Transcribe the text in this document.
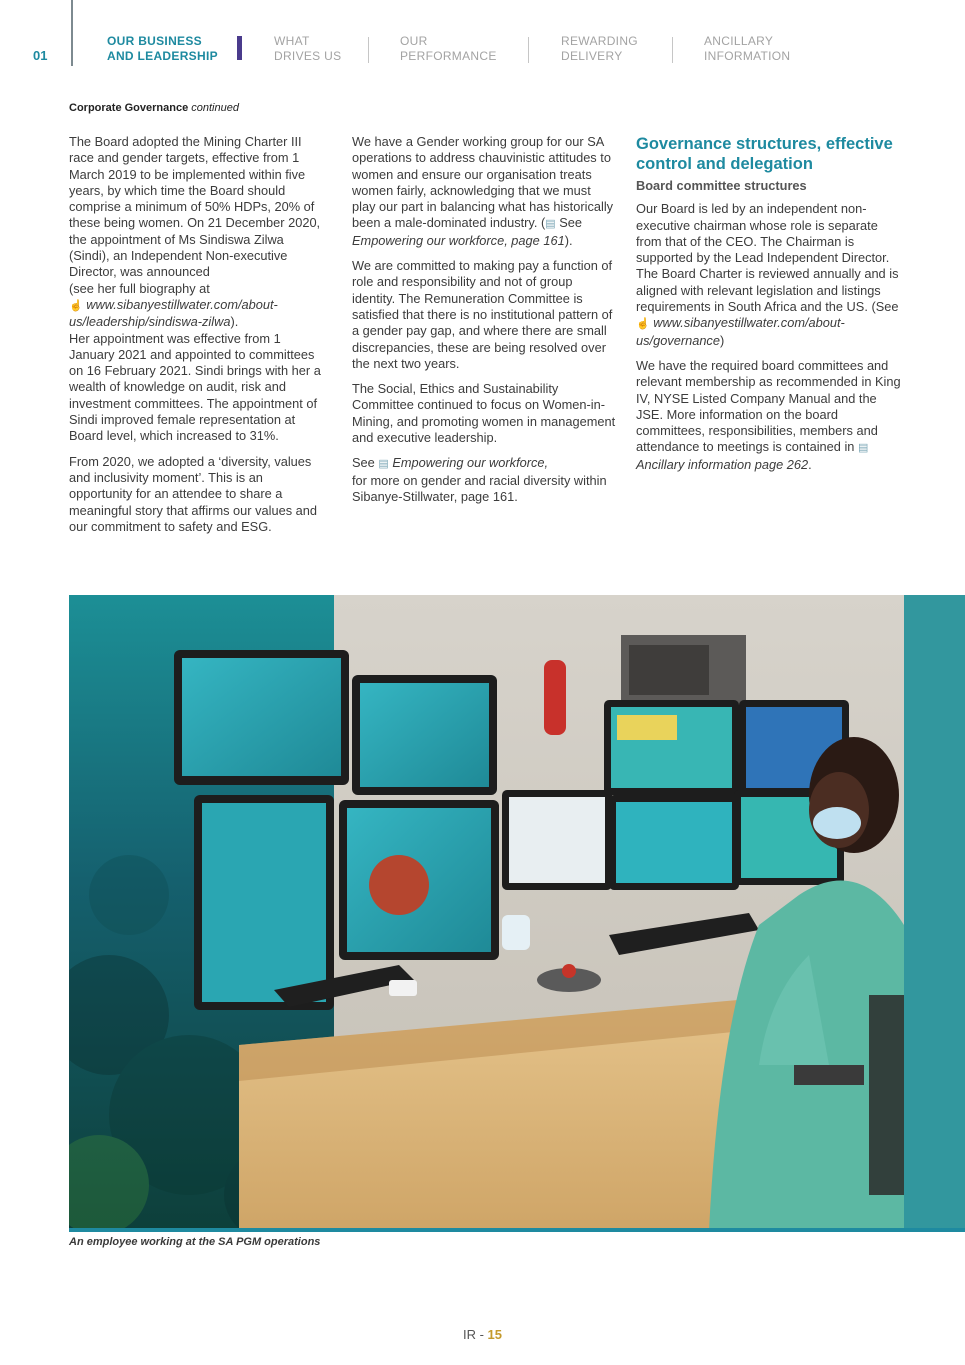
01
OUR BUSINESS
AND LEADERSHIP
WHAT
DRIVES US
OUR
PERFORMANCE
REWARDING
DELIVERY
ANCILLARY
INFORMATION
Corporate Governance continued

The Board adopted the Mining Charter III race and gender targets, effective from 1 March 2019 to be implemented within five years, by which time the Board should comprise a minimum of 50% HDPs, 20% of these being women. On 21 December 2020, the appointment of Ms Sindiswa Zilwa (Sindi), an Independent Non-executive Director, was announced
(see her full biography at
☝ www.sibanyestillwater.com/about-us/leadership/sindiswa-zilwa).
Her appointment was effective from 1 January 2021 and appointed to committees on 16 February 2021. Sindi brings with her a wealth of knowledge on audit, risk and investment committees. The appointment of Sindi improved female representation at Board level, which increased to 31%.

From 2020, we adopted a ‘diversity, values and inclusivity moment’. This is an opportunity for an attendee to share a meaningful story that affirms our values and our commitment to safety and ESG.

We have a Gender working group for our SA operations to address chauvinistic attitudes to women and ensure our organisation treats women fairly, acknowledging that we must play our part in balancing what has historically been a male-dominated industry. (▤ See Empowering our workforce, page 161).

We are committed to making pay a function of role and responsibility and not of group identity. The Remuneration Committee is satisfied that there is no institutional pattern of a gender pay gap, and where there are small discrepancies, these are being resolved over the next two years.

The Social, Ethics and Sustainability Committee continued to focus on Women-in-Mining, and promoting women in management and executive leadership.

See ▤ Empowering our workforce,
for more on gender and racial diversity within Sibanye-Stillwater, page 161.

Governance structures, effective control and delegation
Board committee structures

Our Board is led by an independent non-executive chairman whose role is separate from that of the CEO. The Chairman is supported by the Lead Independent Director. The Board Charter is reviewed annually and is aligned with relevant legislation and listings requirements in South Africa and the US. (See☝ www.sibanyestillwater.com/about-us/governance)

We have the required board committees and relevant membership as recommended in King IV, NYSE Listed Company Manual and the JSE. More information on the board committees, responsibilities, members and attendance to meetings is contained in ▤ Ancillary information page 262.

An employee working at the SA PGM operations
IR - 15
